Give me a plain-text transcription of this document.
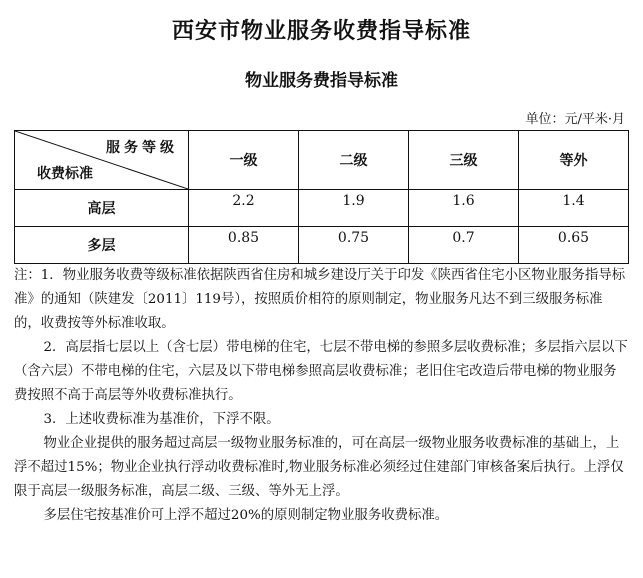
西安市物业服务收费指导标准
物业服务费指导标准

单位：元/平米·月

服务等级
收费标准	一级	二级	三级	等外
高层	2.2	1.9	1.6	1.4
多层	0.85	0.75	0.7	0.65

注：1．物业服务收费等级标准依据陕西省住房和城乡建设厅关于印发《陕西省住宅小区物业服务指导标准》的通知（陕建发〔2011〕119号），按照质价相符的原则制定，物业服务凡达不到三级服务标准的，收费按等外标准收取。

2．高层指七层以上（含七层）带电梯的住宅，七层不带电梯的参照多层收费标准；多层指六层以下（含六层）不带电梯的住宅，六层及以下带电梯参照高层收费标准；老旧住宅改造后带电梯的物业服务费按照不高于高层等外收费标准执行。

3．上述收费标准为基准价，下浮不限。

物业企业提供的服务超过高层一级物业服务标准的，可在高层一级物业服务收费标准的基础上，上浮不超过15%；物业企业执行浮动收费标准时,物业服务标准必须经过住建部门审核备案后执行。上浮仅限于高层一级服务标准，高层二级、三级、等外无上浮。

多层住宅按基准价可上浮不超过20%的原则制定物业服务收费标准。
